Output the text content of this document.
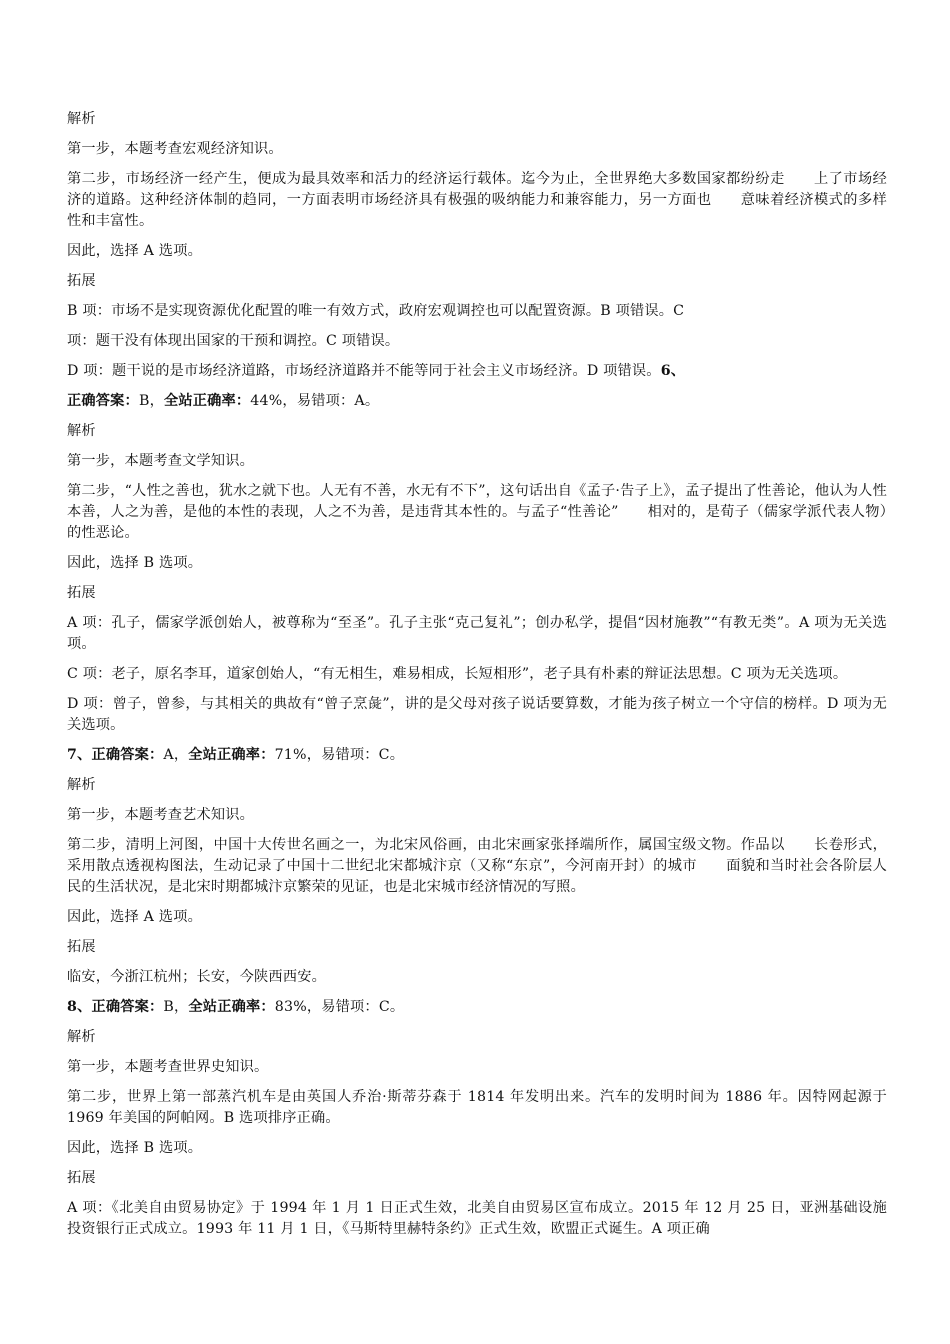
解析

第一步，本题考查宏观经济知识。

第二步，市场经济一经产生，便成为最具效率和活力的经济运行载体。迄今为止，全世界绝大多数国家都纷纷走　　上了市场经济的道路。这种经济体制的趋同，一方面表明市场经济具有极强的吸纳能力和兼容能力，另一方面也　　意味着经济模式的多样性和丰富性。

因此，选择 A 选项。

拓展

B 项：市场不是实现资源优化配置的唯一有效方式，政府宏观调控也可以配置资源。B 项错误。C

项：题干没有体现出国家的干预和调控。C 项错误。

D 项：题干说的是市场经济道路，市场经济道路并不能等同于社会主义市场经济。D 项错误。6、

正确答案：B，全站正确率：44%，易错项：A。

解析

第一步，本题考查文学知识。

第二步，“人性之善也，犹水之就下也。人无有不善，水无有不下”，这句话出自《孟子·告子上》，孟子提出了性善论，他认为人性本善，人之为善，是他的本性的表现，人之不为善，是违背其本性的。与孟子“性善论”　　相对的，是荀子（儒家学派代表人物）的性恶论。

因此，选择 B 选项。

拓展

A 项：孔子，儒家学派创始人，被尊称为“至圣”。孔子主张“克己复礼”；创办私学，提倡“因材施教”“有教无类”。A 项为无关选项。

C 项：老子，原名李耳，道家创始人，“有无相生，难易相成，长短相形”，老子具有朴素的辩证法思想。C 项为无关选项。

D 项：曾子，曾参，与其相关的典故有“曾子烹彘”，讲的是父母对孩子说话要算数，才能为孩子树立一个守信的榜样。D 项为无关选项。

7、正确答案：A，全站正确率：71%，易错项：C。

解析

第一步，本题考查艺术知识。

第二步，清明上河图，中国十大传世名画之一，为北宋风俗画，由北宋画家张择端所作，属国宝级文物。作品以　　长卷形式，采用散点透视构图法，生动记录了中国十二世纪北宋都城汴京（又称“东京”，今河南开封）的城市　　面貌和当时社会各阶层人民的生活状况，是北宋时期都城汴京繁荣的见证，也是北宋城市经济情况的写照。

因此，选择 A 选项。

拓展

临安，今浙江杭州；长安，今陕西西安。

8、正确答案：B，全站正确率：83%，易错项：C。

解析

第一步，本题考查世界史知识。

第二步，世界上第一部蒸汽机车是由英国人乔治·斯蒂芬森于 1814 年发明出来。汽车的发明时间为 1886 年。因特网起源于 1969 年美国的阿帕网。B 选项排序正确。

因此，选择 B 选项。

拓展

A 项：《北美自由贸易协定》于 1994 年 1 月 1 日正式生效，北美自由贸易区宣布成立。2015 年 12 月 25 日，亚洲基础设施投资银行正式成立。1993 年 11 月 1 日，《马斯特里赫特条约》正式生效，欧盟正式诞生。A 项正确
